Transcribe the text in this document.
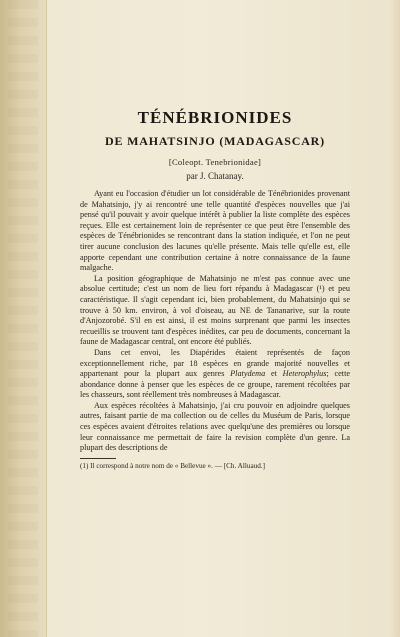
TÉNÉBRIONIDES
DE MAHATSINJO (MADAGASCAR)

[Coleopt. Tenebrionidae]

par J. Chatanay.

Ayant eu l'occasion d'étudier un lot considérable de Ténébrionides provenant de Mahatsinjo, j'y ai rencontré une telle quantité d'espèces nouvelles que j'ai pensé qu'il pouvait y avoir quelque intérêt à publier la liste complète des espèces reçues. Elle est certainement loin de représenter ce que peut être l'ensemble des espèces de Ténébrionides se rencontrant dans la station indiquée, et l'on ne peut tirer aucune conclusion des lacunes qu'elle présente. Mais telle qu'elle est, elle apporte cependant une contribution certaine à notre connaissance de la faune malgache.

La position géographique de Mahatsinjo ne m'est pas connue avec une absolue certitude; c'est un nom de lieu fort répandu à Madagascar (¹) et peu caractéristique. Il s'agit cependant ici, bien probablement, du Mahatsinjo qui se trouve à 50 km. environ, à vol d'oiseau, au NE de Tananarive, sur la route d'Anjozorobé. S'il en est ainsi, il est moins surprenant que parmi les insectes recueillis se trouvent tant d'espèces inédites, car peu de documents, concernant la faune de Madagascar central, ont encore été publiés.

Dans cet envoi, les Diapérides étaient représentés de façon exceptionnellement riche, par 18 espèces en grande majorité nouvelles et appartenant pour la plupart aux genres Platydema et Heterophylus; cette abondance donne à penser que les espèces de ce groupe, rarement récoltées par les chasseurs, sont réellement très nombreuses à Madagascar.

Aux espèces récoltées à Mahatsinjo, j'ai cru pouvoir en adjoindre quelques autres, faisant partie de ma collection ou de celles du Muséum de Paris, lorsque ces espèces avaient d'étroites relations avec quelqu'une des premières ou lorsque leur connaissance me permettait de faire la revision complète d'un genre. La plupart des descriptions de

(1) Il correspond à notre nom de « Bellevue ». — [Ch. Alluaud.]
